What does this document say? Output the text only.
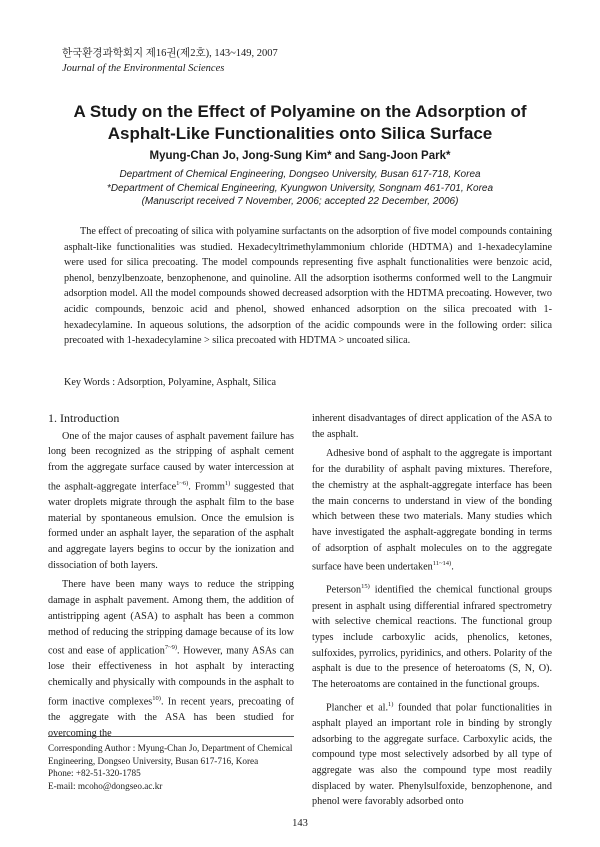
한국환경과학회지 제16권(제2호), 143~149, 2007
Journal of the Environmental Sciences
A Study on the Effect of Polyamine on the Adsorption of
Asphalt-Like Functionalities onto Silica Surface
Myung-Chan Jo, Jong-Sung Kim* and Sang-Joon Park*
Department of Chemical Engineering, Dongseo University, Busan 617-718, Korea
*Department of Chemical Engineering, Kyungwon University, Songnam 461-701, Korea
(Manuscript received 7 November, 2006; accepted 22 December, 2006)
The effect of precoating of silica with polyamine surfactants on the adsorption of five model compounds containing asphalt-like functionalities was studied. Hexadecyltrimethylammonium chloride (HDTMA) and 1-hexadecylamine were used for silica precoating. The model compounds representing five asphalt functionalities were benzoic acid, phenol, benzylbenzoate, benzophenone, and quinoline. All the adsorption isotherms conformed well to the Langmuir adsorption model. All the model compounds showed decreased adsorption with the HDTMA precoating. However, two acidic compounds, benzoic acid and phenol, showed enhanced adsorption on the silica precoated with 1-hexadecylamine. In aqueous solutions, the adsorption of the acidic compounds were in the following order: silica precoated with 1-hexadecylamine > silica precoated with HDTMA > uncoated silica.
Key Words : Adsorption, Polyamine, Asphalt, Silica
1. Introduction

One of the major causes of asphalt pavement failure has long been recognized as the stripping of asphalt cement from the aggregate surface caused by water intercession at the asphalt-aggregate interface$^{1\sim 6)}$. Fromm$^{1)}$ suggested that water droplets migrate through the asphalt film to the base material by spontaneous emulsion. Once the emulsion is formed under an asphalt layer, the separation of the asphalt and aggregate layers begins to occur by the ionization and dissociation of both layers.

There have been many ways to reduce the stripping damage in asphalt pavement. Among them, the addition of antistripping agent (ASA) to asphalt has been a common method of reducing the stripping damage because of its low cost and ease of application$^{7\sim 9)}$. However, many ASAs can lose their effectiveness in hot asphalt by interacting chemically and physically with compounds in the asphalt to form inactive complexes$^{10)}$. In recent years, precoating of the aggregate with the ASA has been studied for overcoming the

inherent disadvantages of direct application of the ASA to the asphalt.

Adhesive bond of asphalt to the aggregate is important for the durability of asphalt paving mixtures. Therefore, the chemistry at the asphalt-aggregate interface has been the main concerns to understand in view of the bonding which between these two materials. Many studies which have investigated the asphalt-aggregate bonding in terms of adsorption of asphalt molecules on to the aggregate surface have been undertaken$^{11\sim 14)}$.

Peterson$^{15)}$ identified the chemical functional groups present in asphalt using differential infrared spectrometry with selective chemical reactions. The functional group types include carboxylic acids, phenolics, ketones, sulfoxides, pyrrolics, pyridinics, and others. Polarity of the asphalt is due to the presence of heteroatoms (S, N, O). The heteroatoms are contained in the functional groups.

Plancher et al.$^{1)}$ founded that polar functionalities in asphalt played an important role in binding by strongly adsorbing to the aggregate surface. Carboxylic acids, the compound type most selectively adsorbed by all type of aggregate was also the compound type most readily displaced by water. Phenylsulfoxide, benzophenone, and phenol were favorably adsorbed onto

Corresponding Author : Myung-Chan Jo, Department of Chemical Engineering, Dongseo University, Busan 617-716, Korea
Phone: +82-51-320-1785
E-mail: mcoho@dongseo.ac.kr
143
